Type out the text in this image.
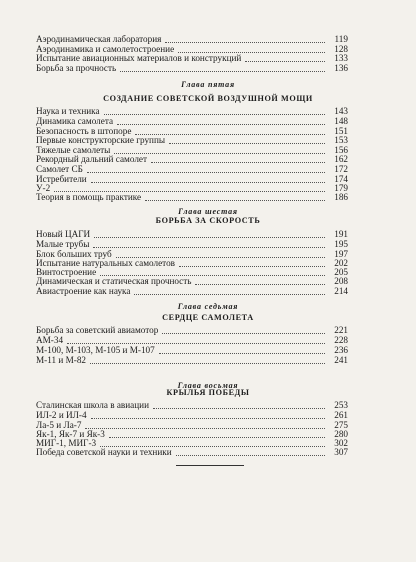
Аэродинамическая лаборатория	119
Аэродинамика и самолетостроение	128
Испытание авиационных материалов и конструкций	133
Борьба за прочность	136
Глава пятая
СОЗДАНИЕ СОВЕТСКОЙ ВОЗДУШНОЙ МОЩИ
Наука и техника	143
Динамика самолета	148
Безопасность в штопоре	151
Первые конструкторские группы	153
Тяжелые самолеты	156
Рекордный дальний самолет	162
Самолет СБ	172
Истребители	174
У-2	179
Теория в помощь практике	186
Глава шестая
БОРЬБА ЗА СКОРОСТЬ
Новый ЦАГИ	191
Малые трубы	195
Блок больших труб	197
Испытание натуральных самолетов	202
Винтостроение	205
Динамическая и статическая прочность	208
Авиастроение как наука	214
Глава седьмая
СЕРДЦЕ САМОЛЕТА
Борьба за советский авиамотор	221
АМ-34	228
М-100, М-103, М-105 и М-107	236
М-11 и М-82	241
Глава восьмая
КРЫЛЬЯ ПОБЕДЫ
Сталинская школа в авиации	253
ИЛ-2 и ИЛ-4	261
Ла-5 и Ла-7	275
Як-1, Як-7 и Як-3	280
МИГ-1, МИГ-3	302
Победа советской науки и техники	307
